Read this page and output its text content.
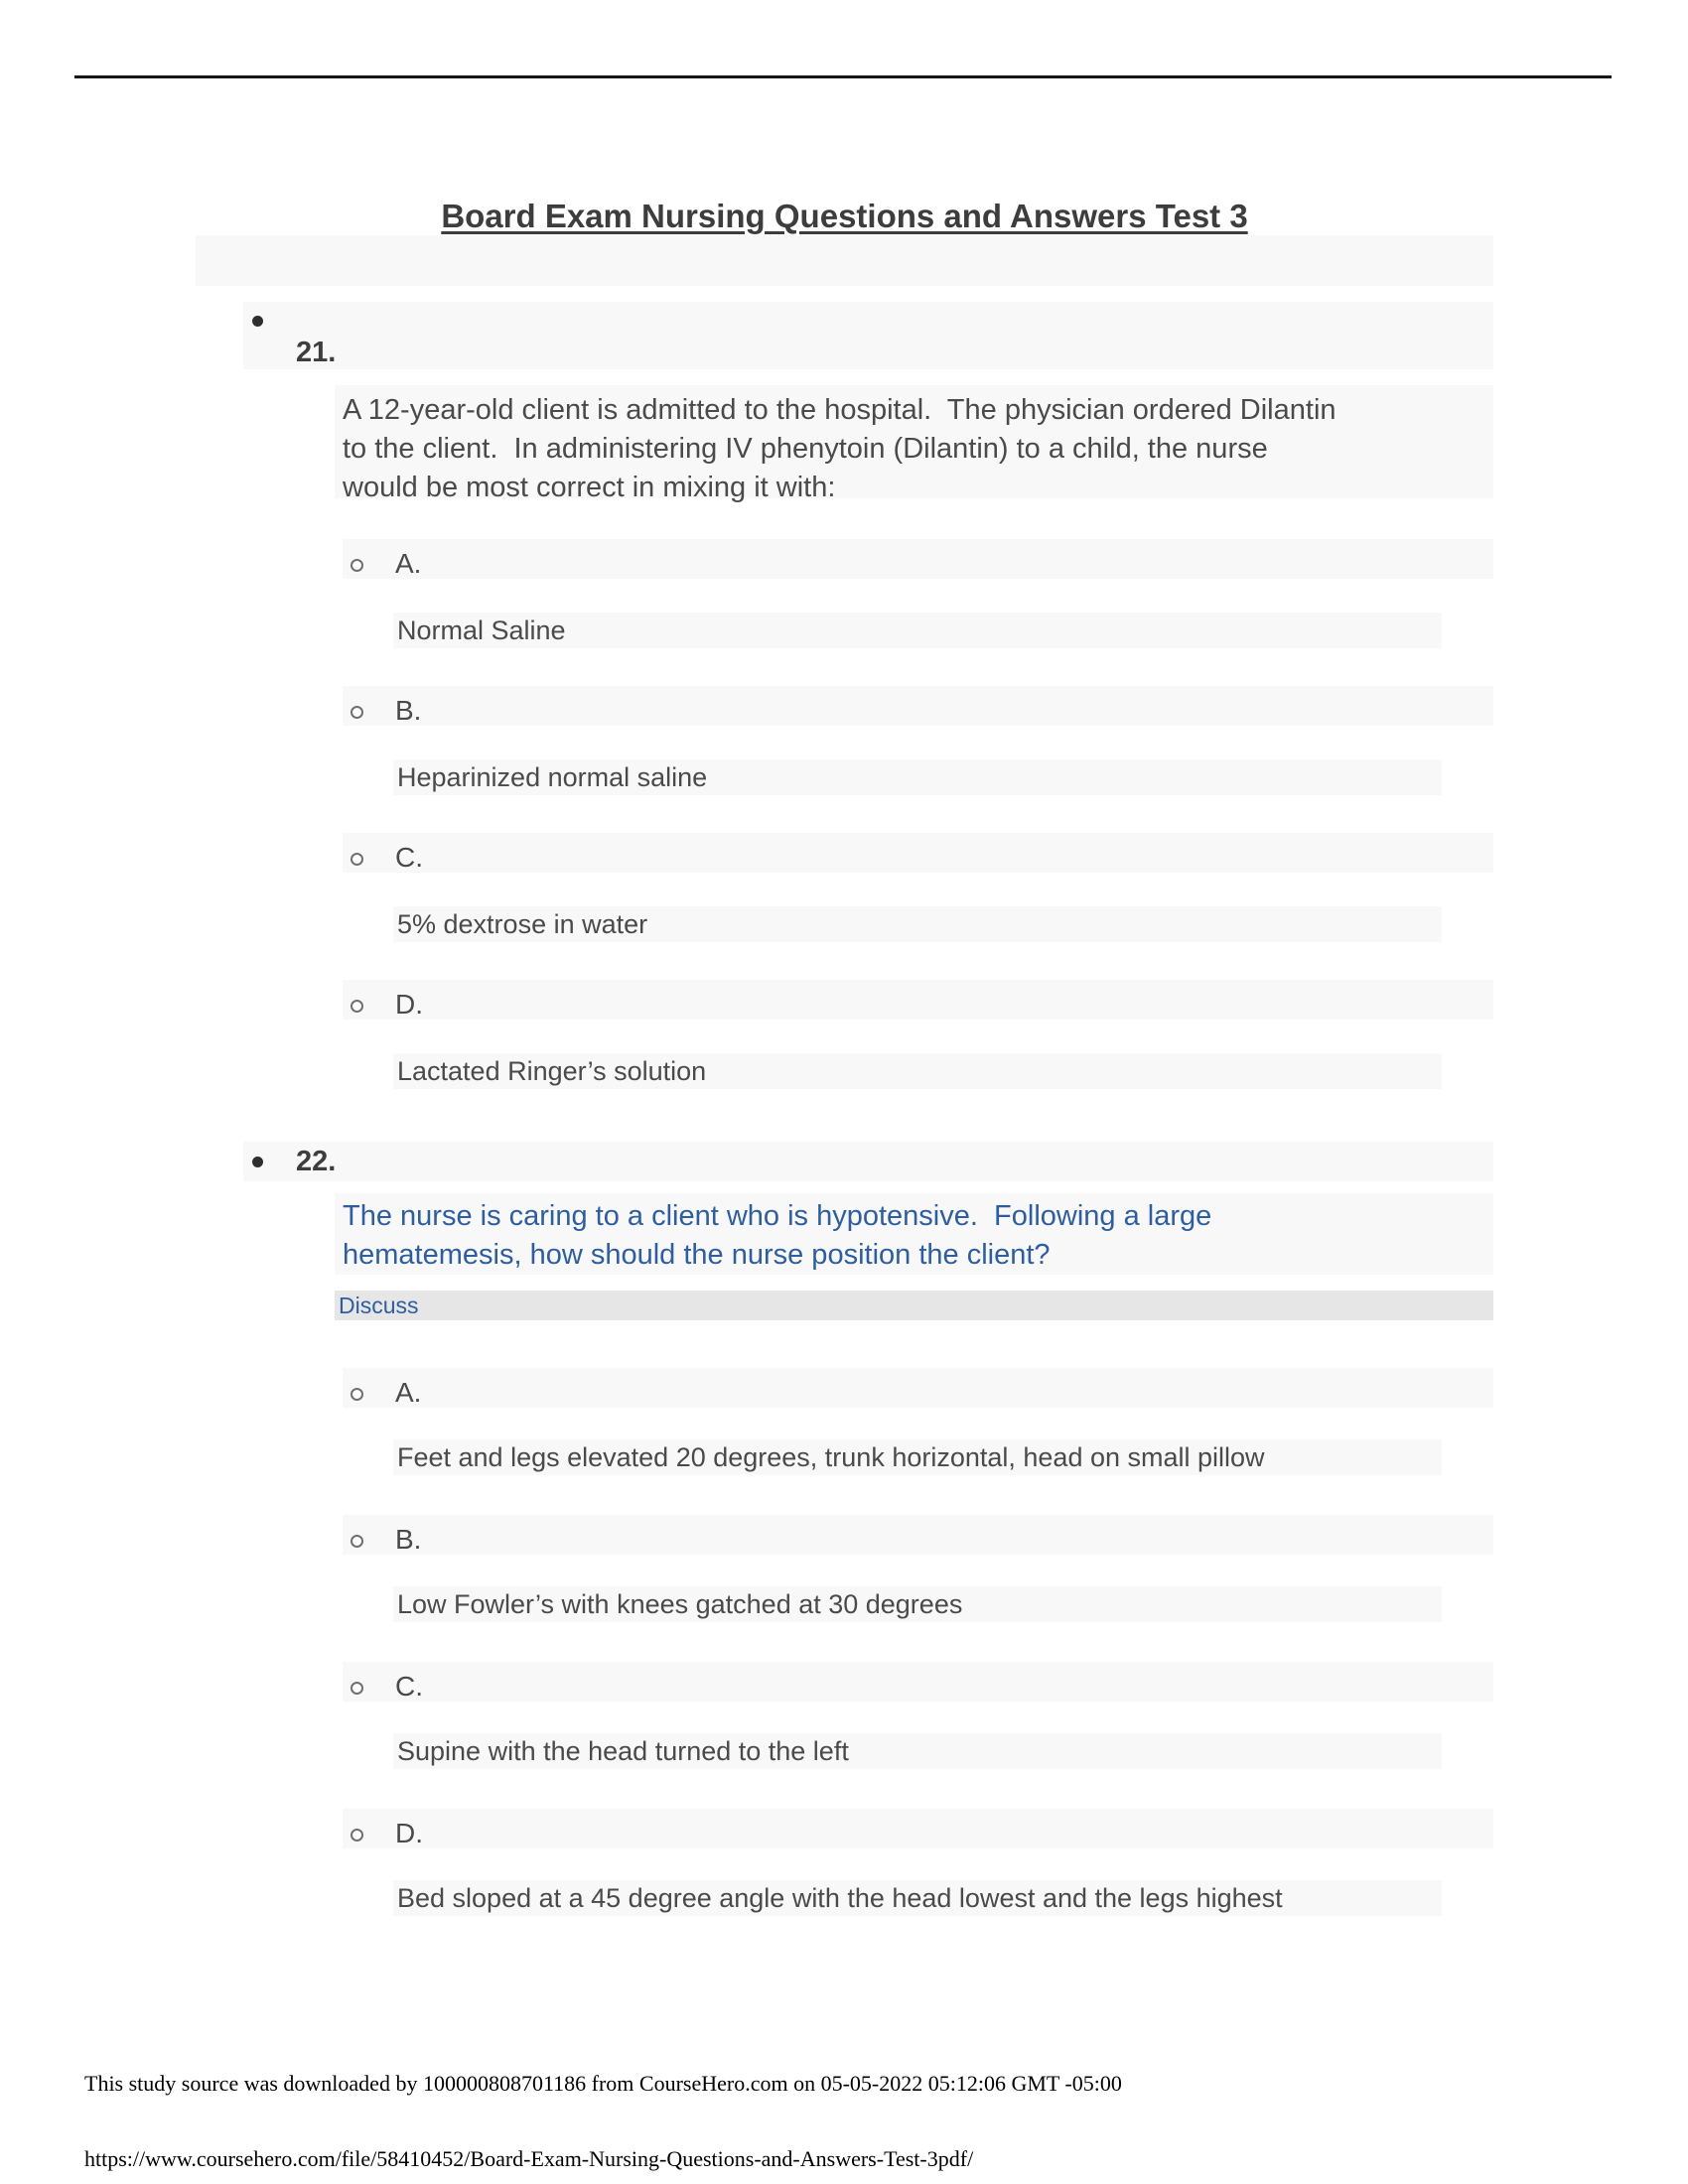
Board Exam Nursing Questions and Answers Test 3
21.
A 12-year-old client is admitted to the hospital.  The physician ordered Dilantin
to the client.  In administering IV phenytoin (Dilantin) to a child, the nurse
would be most correct in mixing it with:
A.
Normal Saline
B.
Heparinized normal saline
C.
5% dextrose in water
D.
Lactated Ringer’s solution
22.
The nurse is caring to a client who is hypotensive.  Following a large
hematemesis, how should the nurse position the client?
Discuss
A.
Feet and legs elevated 20 degrees, trunk horizontal, head on small pillow
B.
Low Fowler’s with knees gatched at 30 degrees
C.
Supine with the head turned to the left
D.
Bed sloped at a 45 degree angle with the head lowest and the legs highest
This study source was downloaded by 100000808701186 from CourseHero.com on 05-05-2022 05:12:06 GMT -05:00
https://www.coursehero.com/file/58410452/Board-Exam-Nursing-Questions-and-Answers-Test-3pdf/
